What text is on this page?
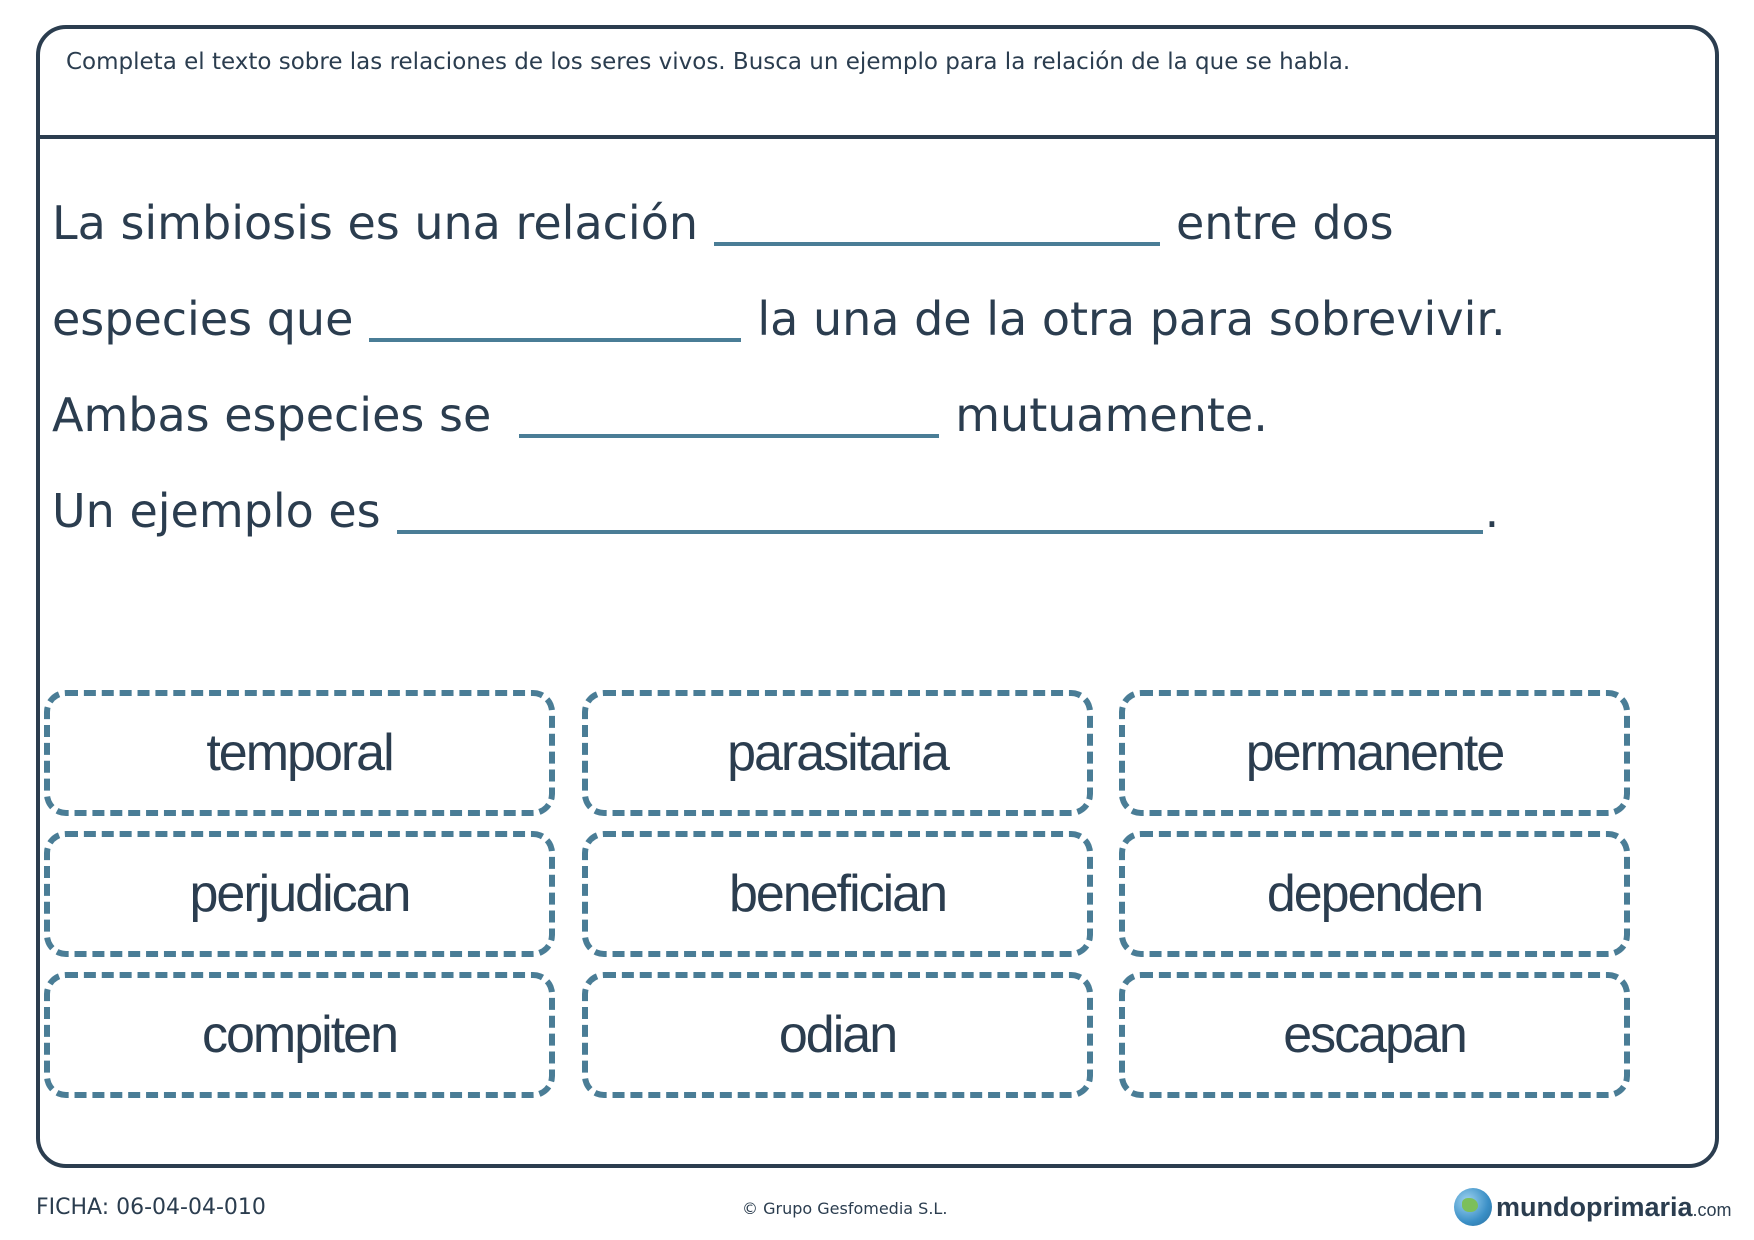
Completa el texto sobre las relaciones de los seres vivos. Busca un ejemplo para la relación de la que se habla.
La simbiosis es una relación	entre dos
especies que	la una de la otra para sobrevivir.
Ambas especies se	mutuamente.
Un ejemplo es	.
temporal	parasitaria	permanente
perjudican	benefician	dependen
compiten	odian	escapan
FICHA: 06-04-04-010	© Grupo Gesfomedia S.L.	mundoprimaria .com
